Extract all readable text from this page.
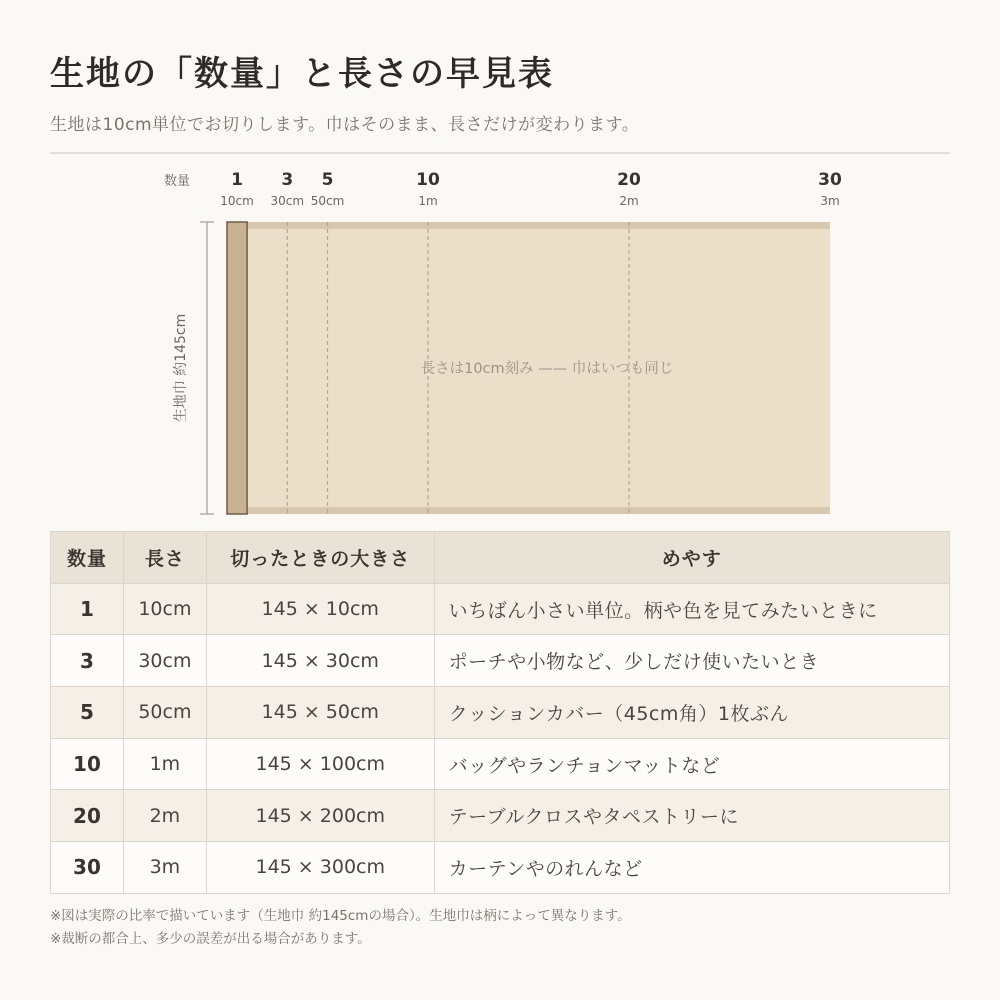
生地の「数量」と長さの早見表

生地は10cm単位でお切りします。巾はそのまま、長さだけが変わります。

数量 1
10cm
3
30cm
5
50cm
10
1m
20
2m
30
3m
生地巾 約145cm	長さは10cm刻み —— 巾はいつも同じ
数量	長さ	切ったときの大きさ	めやす
1	10cm	145 × 10cm	いちばん小さい単位。柄や色を見てみたいときに
3	30cm	145 × 30cm	ポーチや小物など、少しだけ使いたいとき
5	50cm	145 × 50cm	クッションカバー（45cm角）1枚ぶん
10	1m	145 × 100cm	バッグやランチョンマットなど
20	2m	145 × 200cm	テーブルクロスやタペストリーに
30	3m	145 × 300cm	カーテンやのれんなど
※図は実際の比率で描いています（生地巾 約145cmの場合）。生地巾は柄によって異なります。
※裁断の都合上、多少の誤差が出る場合があります。
